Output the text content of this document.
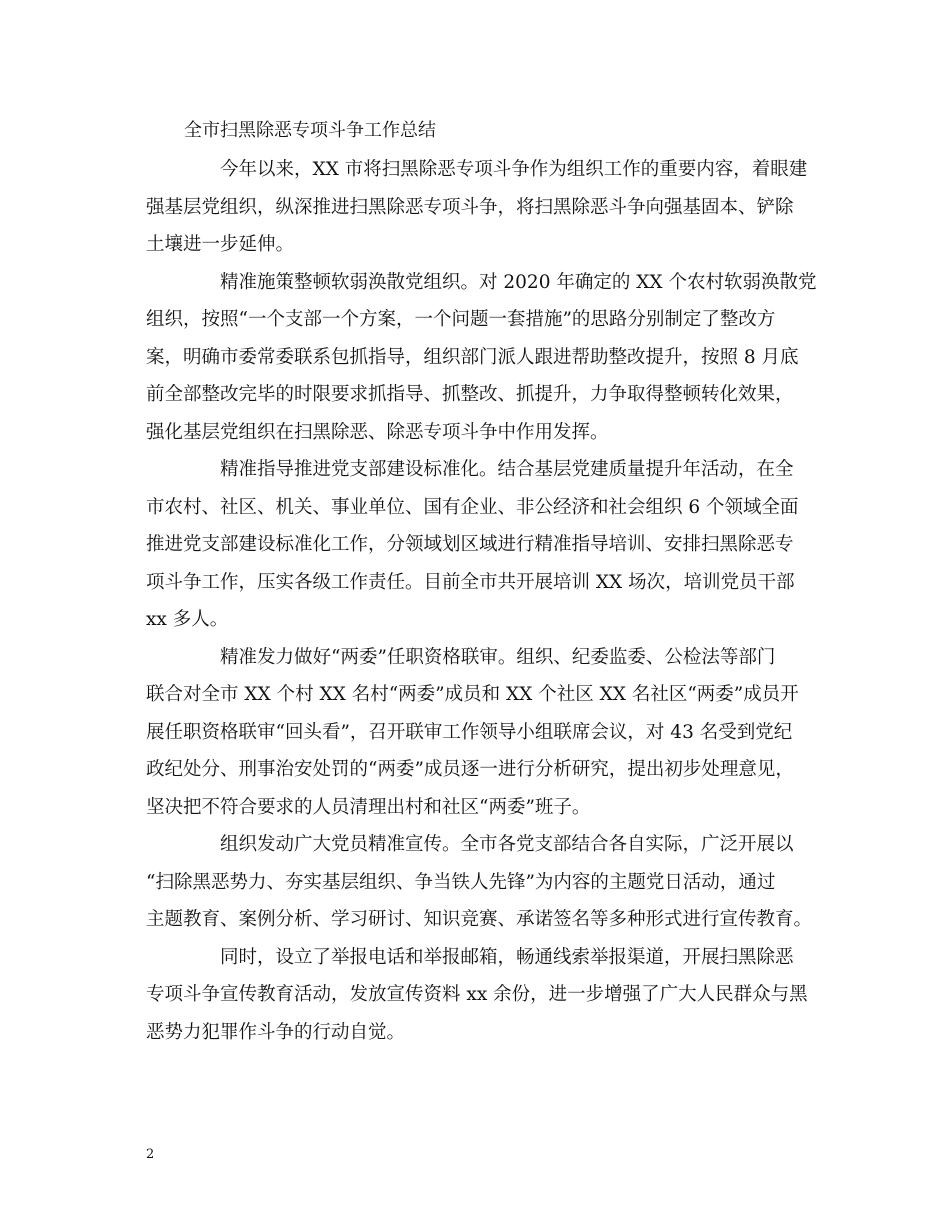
全市扫黑除恶专项斗争工作总结
今年以来，XX 市将扫黑除恶专项斗争作为组织工作的重要内容，着眼建
强基层党组织，纵深推进扫黑除恶专项斗争，将扫黑除恶斗争向强基固本、铲除
土壤进一步延伸。
精准施策整顿软弱涣散党组织。对 2020 年确定的 XX 个农村软弱涣散党
组织，按照“一个支部一个方案，一个问题一套措施”的思路分别制定了整改方
案，明确市委常委联系包抓指导，组织部门派人跟进帮助整改提升，按照 8 月底
前全部整改完毕的时限要求抓指导、抓整改、抓提升，力争取得整顿转化效果，
强化基层党组织在扫黑除恶、除恶专项斗争中作用发挥。
精准指导推进党支部建设标准化。结合基层党建质量提升年活动，在全
市农村、社区、机关、事业单位、国有企业、非公经济和社会组织 6 个领域全面
推进党支部建设标准化工作，分领域划区域进行精准指导培训、安排扫黑除恶专
项斗争工作，压实各级工作责任。目前全市共开展培训 XX 场次，培训党员干部
xx 多人。
精准发力做好“两委”任职资格联审。组织、纪委监委、公检法等部门
联合对全市 XX 个村 XX 名村“两委”成员和 XX 个社区 XX 名社区“两委”成员开
展任职资格联审“回头看”，召开联审工作领导小组联席会议，对 43 名受到党纪
政纪处分、刑事治安处罚的“两委”成员逐一进行分析研究，提出初步处理意见，
坚决把不符合要求的人员清理出村和社区“两委”班子。
组织发动广大党员精准宣传。全市各党支部结合各自实际，广泛开展以
“扫除黑恶势力、夯实基层组织、争当铁人先锋”为内容的主题党日活动，通过
主题教育、案例分析、学习研讨、知识竞赛、承诺签名等多种形式进行宣传教育。
同时，设立了举报电话和举报邮箱，畅通线索举报渠道，开展扫黑除恶
专项斗争宣传教育活动，发放宣传资料 xx 余份，进一步增强了广大人民群众与黑
恶势力犯罪作斗争的行动自觉。
2
